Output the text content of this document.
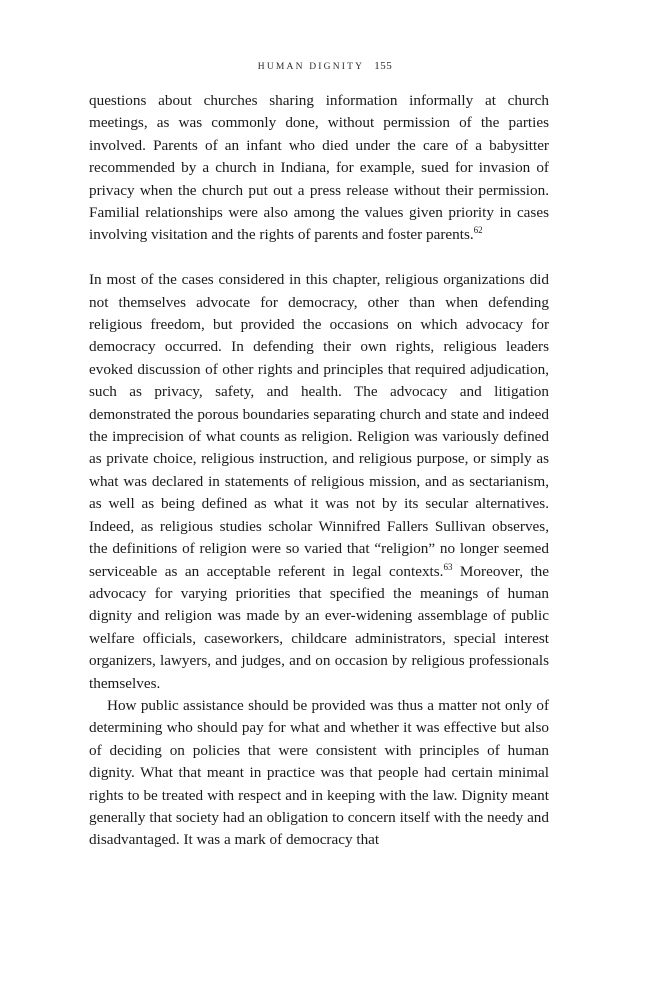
HUMAN DIGNITY 155

questions about churches sharing information informally at church meetings, as was commonly done, without permission of the parties involved. Parents of an infant who died under the care of a babysitter recommended by a church in Indiana, for example, sued for invasion of privacy when the church put out a press release without their permission. Familial relationships were also among the values given priority in cases involving visitation and the rights of parents and foster parents.$^{62}$

In most of the cases considered in this chapter, religious organizations did not themselves advocate for democracy, other than when defending religious freedom, but provided the occasions on which advocacy for democracy occurred. In defending their own rights, religious leaders evoked discussion of other rights and principles that required adjudication, such as privacy, safety, and health. The advocacy and litigation demonstrated the porous boundaries separating church and state and indeed the imprecision of what counts as religion. Religion was variously defined as private choice, religious instruction, and religious purpose, or simply as what was declared in statements of religious mission, and as sectarianism, as well as being defined as what it was not by its secular alternatives. Indeed, as religious studies scholar Winnifred Fallers Sullivan observes, the definitions of religion were so varied that “religion” no longer seemed serviceable as an acceptable referent in legal contexts.$^{63}$ Moreover, the advocacy for varying priorities that specified the meanings of human dignity and religion was made by an ever-widening assemblage of public welfare officials, caseworkers, childcare administrators, special interest organizers, lawyers, and judges, and on occasion by religious professionals themselves.

How public assistance should be provided was thus a matter not only of determining who should pay for what and whether it was effective but also of deciding on policies that were consistent with principles of human dignity. What that meant in practice was that people had certain minimal rights to be treated with respect and in keeping with the law. Dignity meant generally that society had an obligation to concern itself with the needy and disadvantaged. It was a mark of democracy that
